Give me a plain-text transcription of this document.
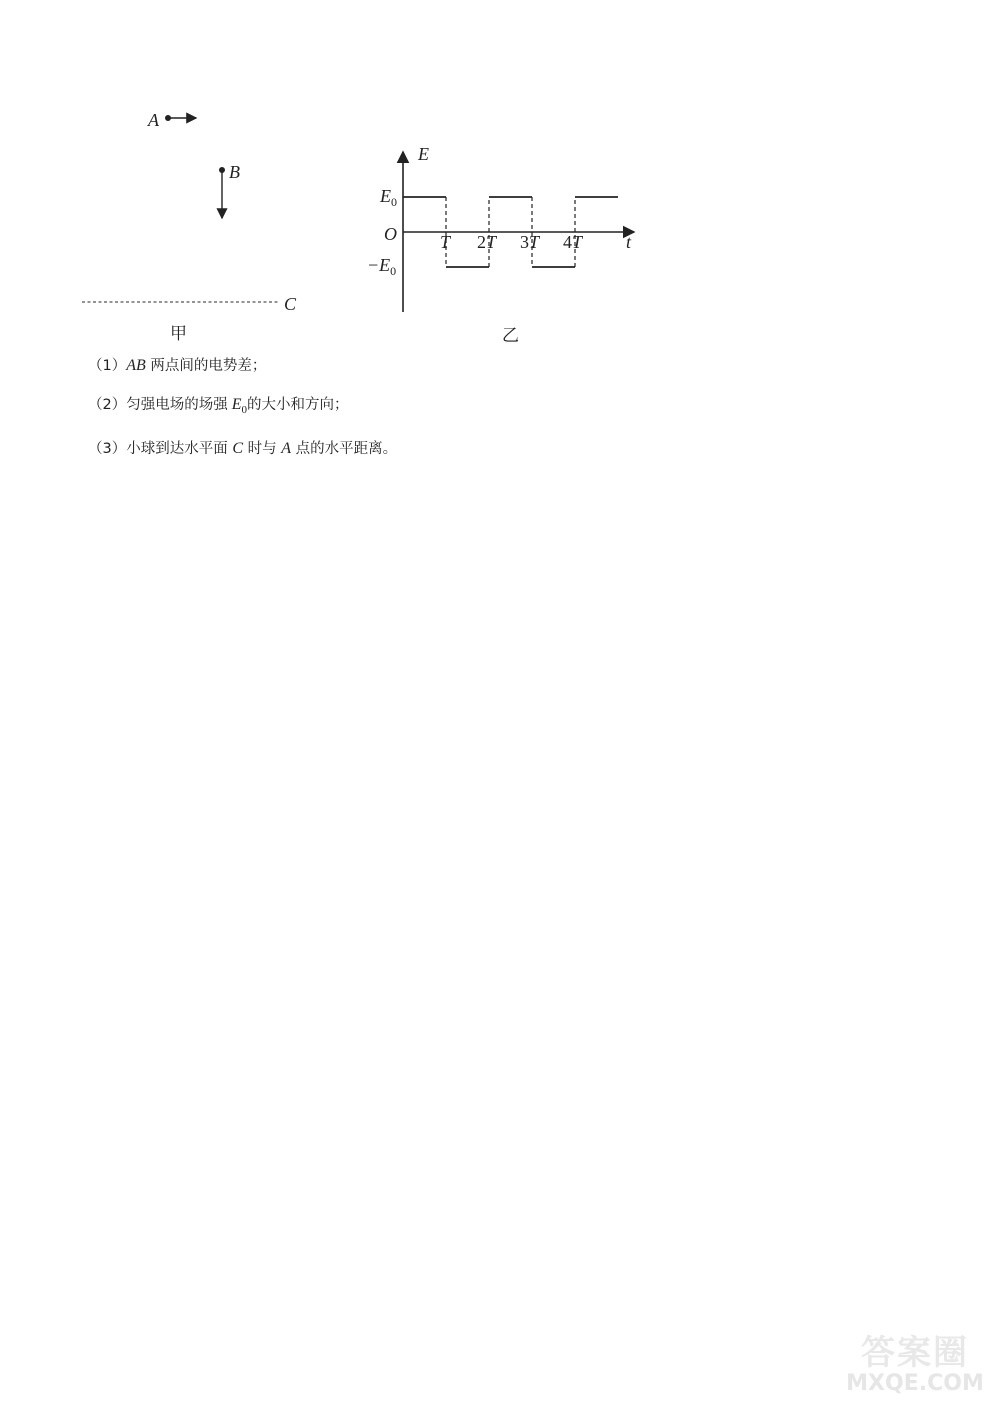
A
B
C
甲
E
t
O
$E_0$
$-E_0$
T 2T 3T 4T
乙
（1）AB 两点间的电势差；
（2）匀强电场的场强 $E_0$的大小和方向；
（3）小球到达水平面 C 时与 A 点的水平距离。
答案圈
MXQE.COM
